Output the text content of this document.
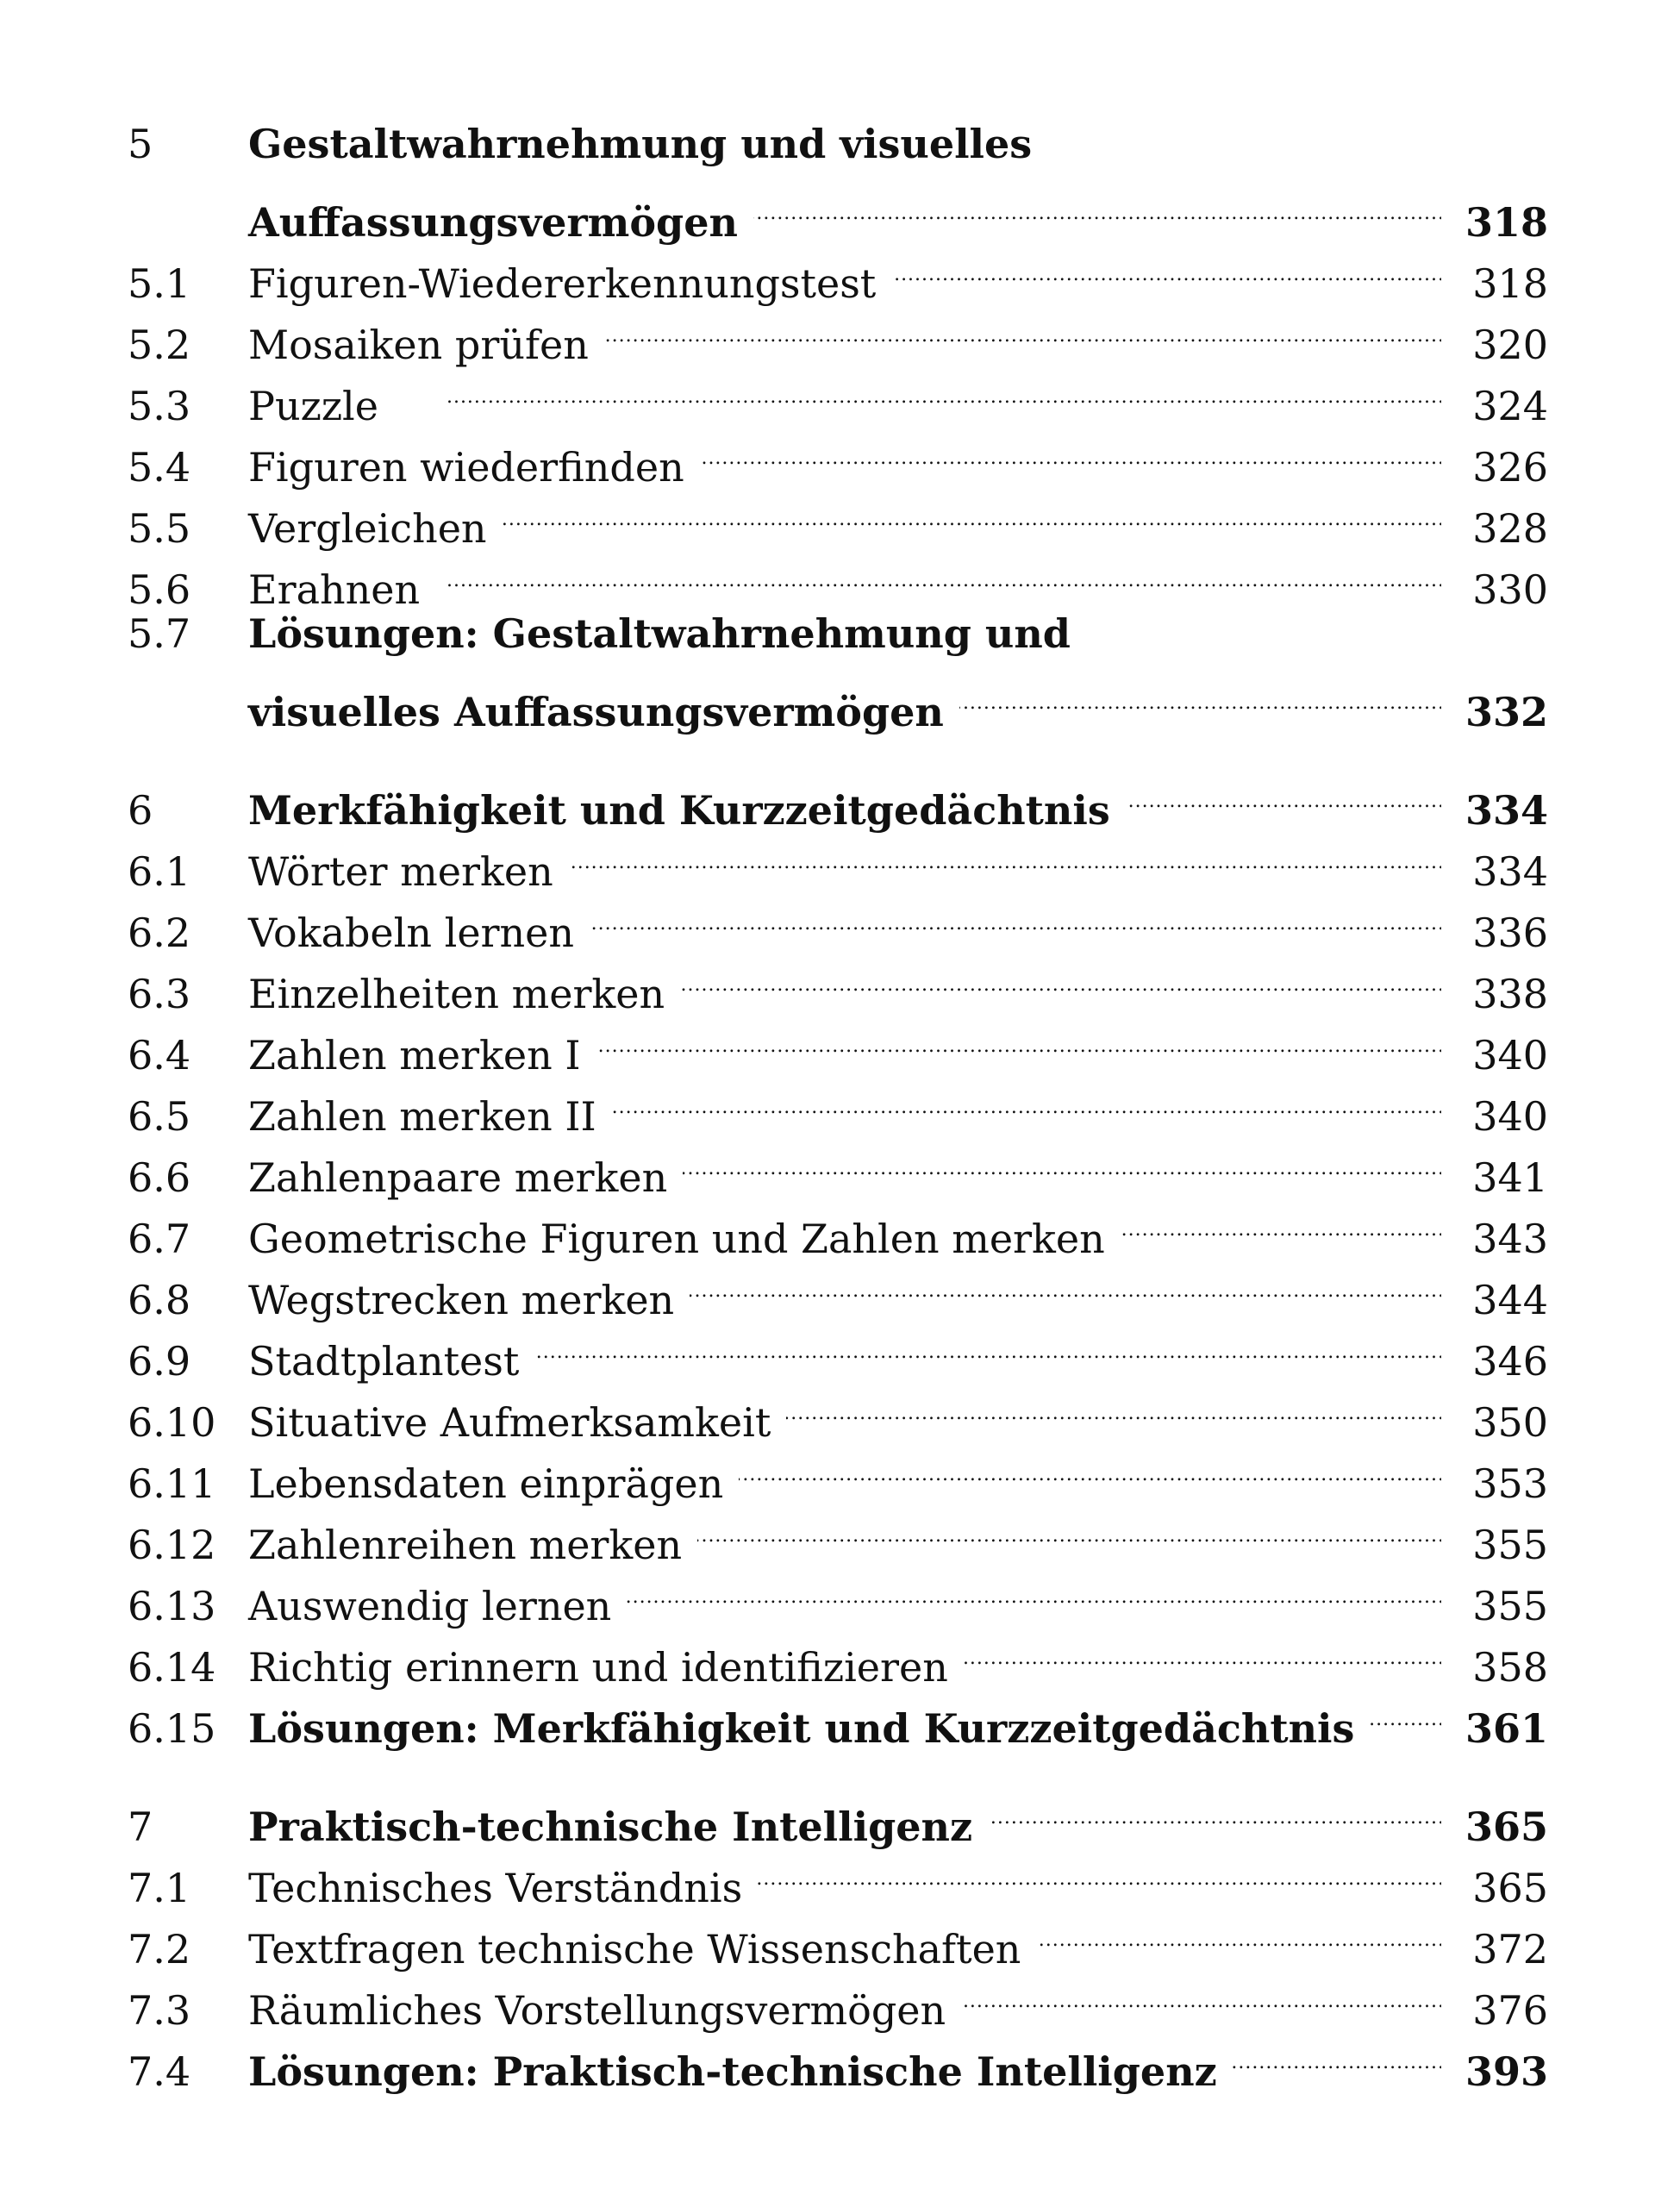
5	Gestaltwahrnehmung und visuelles
Auffassungsvermögen . . .	318
5.1	Figuren-Wiedererkennungstest . . .	318
5.2	Mosaiken prüfen . . .	320
5.3	Puzzle . . .	324
5.4	Figuren wiederfinden . . .	326
5.5	Vergleichen . . .	328
5.6	Erahnen . . .	330
5.7	Lösungen: Gestaltwahrnehmung und
visuelles Auffassungsvermögen . . .	332
6	Merkfähigkeit und Kurzzeitgedächtnis . . .	334
6.1	Wörter merken . . .	334
6.2	Vokabeln lernen . . .	336
6.3	Einzelheiten merken . . .	338
6.4	Zahlen merken I . . .	340
6.5	Zahlen merken II . . .	340
6.6	Zahlenpaare merken . . .	341
6.7	Geometrische Figuren und Zahlen merken . . .	343
6.8	Wegstrecken merken . . .	344
6.9	Stadtplantest . . .	346
6.10 Situative Aufmerksamkeit . . .	350
6.11 Lebensdaten einprägen . . .	353
6.12 Zahlenreihen merken . . .	355
6.13 Auswendig lernen . . .	355
6.14 Richtig erinnern und identifizieren . . .	358
6.15 Lösungen: Merkfähigkeit und Kurzzeitgedächtnis . . .	361
7	Praktisch-technische Intelligenz . . .	365
7.1	Technisches Verständnis . . .	365
7.2	Textfragen technische Wissenschaften . . .	372
7.3	Räumliches Vorstellungsvermögen . . .	376
7.4	Lösungen: Praktisch-technische Intelligenz . . .	393
